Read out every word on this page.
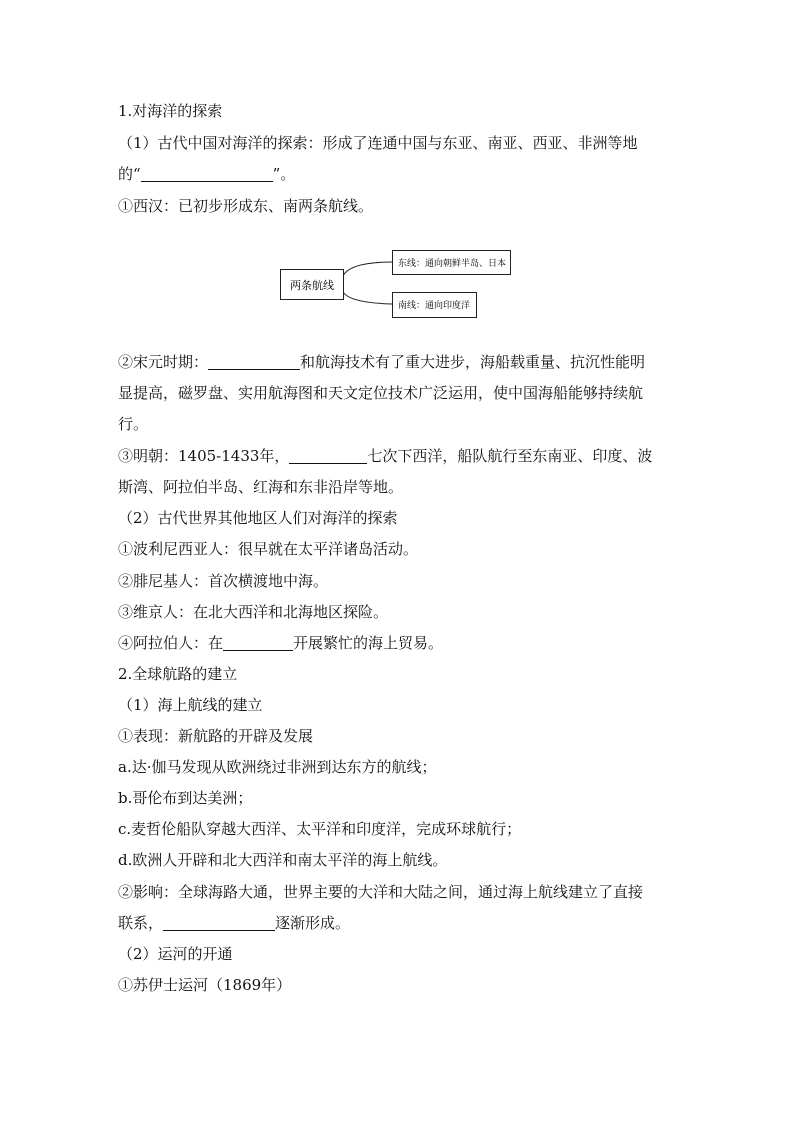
1.对海洋的探索
（1）古代中国对海洋的探索：形成了连通中国与东亚、南亚、西亚、非洲等地
的“	”。
①西汉：已初步形成东、南两条航线。
两条航线
东线：通向朝鲜半岛、日本
南线：通向印度洋
②宋元时期：	和航海技术有了重大进步，海船载重量、抗沉性能明
显提高，磁罗盘、实用航海图和天文定位技术广泛运用，使中国海船能够持续航
行。
③明朝：1405-1433年，	七次下西洋，船队航行至东南亚、印度、波
斯湾、阿拉伯半岛、红海和东非沿岸等地。
（2）古代世界其他地区人们对海洋的探索
①波利尼西亚人：很早就在太平洋诸岛活动。
②腓尼基人：首次横渡地中海。
③维京人：在北大西洋和北海地区探险。
④阿拉伯人：在	开展繁忙的海上贸易。
2.全球航路的建立
（1）海上航线的建立
①表现：新航路的开辟及发展
a.达·伽马发现从欧洲绕过非洲到达东方的航线；
b.哥伦布到达美洲；
c.麦哲伦船队穿越大西洋、太平洋和印度洋，完成环球航行；
d.欧洲人开辟和北大西洋和南太平洋的海上航线。
②影响：全球海路大通，世界主要的大洋和大陆之间，通过海上航线建立了直接
联系，	逐渐形成。
（2）运河的开通
①苏伊士运河（1869年）
